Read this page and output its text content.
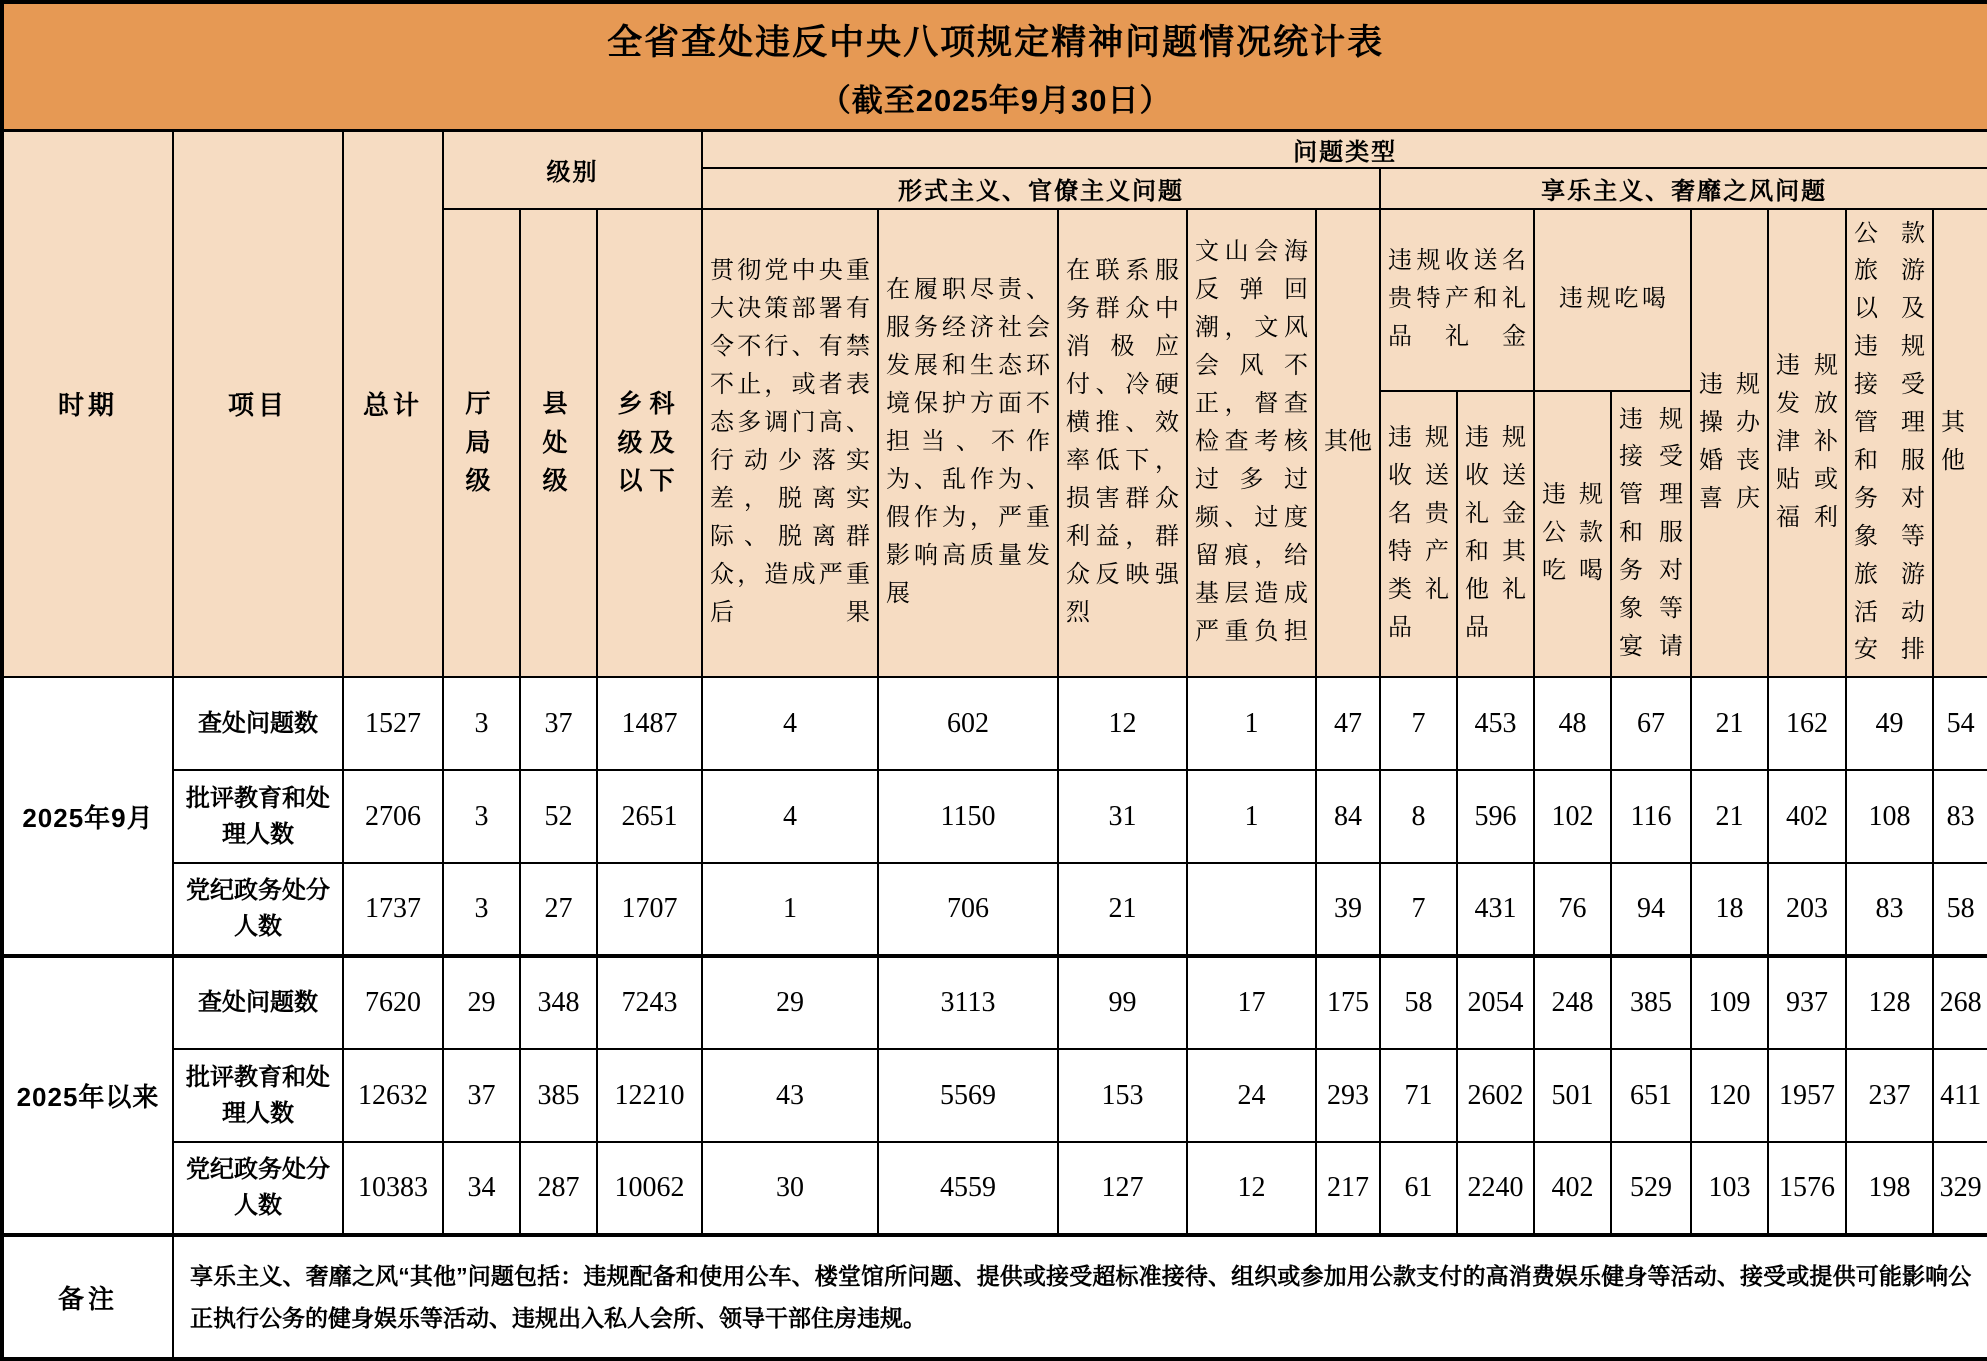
全省查处违反中央八项规定精神问题情况统计表
（截至2025年9月30日）																		

时期	项目	总计	级别			问题类型												
						形式主义、官僚主义问题					享乐主义、奢靡之风问题							
			厅局级	县处级	乡科级及以下	贯彻党中央重大决策部署有令不行、有禁不止，或者表态多调门高、行动少落实差，脱离实际、脱离群众，造成严重后果	在履职尽责、服务经济社会发展和生态环境保护方面不担当、不作为、乱作为、假作为，严重影响高质量发展	在联系服务群众中消极应付、冷硬横推、效率低下，损害群众利益，群众反映强烈	文山会海反弹回潮，文风会风不正，督查检查考核过多过频、过度留痕，给基层造成严重负担	其他	违规收送名贵特产和礼品礼金		违规吃喝		违规操办婚丧喜庆	违规发放津补贴或福利	公款旅游以及违规接受管理和服务对象等旅游活动安排	其他
											违规收送名贵特产类礼品	违规收送礼金和其他礼品	违规公款吃喝	违规接受管理和服务对象等宴请				
2025年9月	查处问题数	1527	3	37	1487	4	602	12	1	47	7	453	48	67	21	162	49	54
	批评教育和处理人数	2706	3	52	2651	4	1150	31	1	84	8	596	102	116	21	402	108	83
	党纪政务处分人数	1737	3	27	1707	1	706	21		39	7	431	76	94	18	203	83	58
2025年以来	查处问题数	7620	29	348	7243	29	3113	99	17	175	58	2054	248	385	109	937	128	268
	批评教育和处理人数	12632	37	385	12210	43	5569	153	24	293	71	2602	501	651	120	1957	237	411
	党纪政务处分人数	10383	34	287	10062	30	4559	127	12	217	61	2240	402	529	103	1576	198	329
备注	享乐主义、奢靡之风“其他”问题包括：违规配备和使用公车、楼堂馆所问题、提供或接受超标准接待、组织或参加用公款支付的高消费娱乐健身等活动、接受或提供可能影响公正执行公务的健身娱乐等活动、违规出入私人会所、领导干部住房违规。																	
